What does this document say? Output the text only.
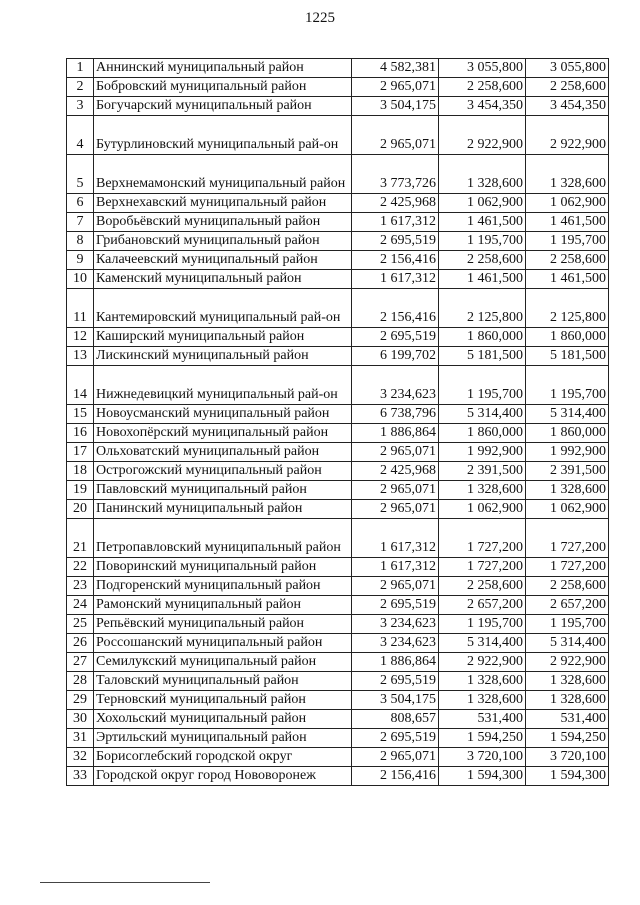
1225
1	Аннинский муниципальный район	4 582,381	3 055,800	3 055,800
2	Бобровский муниципальный район	2 965,071	2 258,600	2 258,600
3	Богучарский муниципальный район	3 504,175	3 454,350	3 454,350
4	Бутурлиновский муниципальный рай-он	2 965,071	2 922,900	2 922,900
5	Верхнемамонский муниципальный район	3 773,726	1 328,600	1 328,600
6	Верхнехавский муниципальный район	2 425,968	1 062,900	1 062,900
7	Воробьёвский муниципальный район	1 617,312	1 461,500	1 461,500
8	Грибановский муниципальный район	2 695,519	1 195,700	1 195,700
9	Калачеевский муниципальный район	2 156,416	2 258,600	2 258,600
10	Каменский муниципальный район	1 617,312	1 461,500	1 461,500
11	Кантемировский муниципальный рай-он	2 156,416	2 125,800	2 125,800
12	Каширский муниципальный район	2 695,519	1 860,000	1 860,000
13	Лискинский муниципальный район	6 199,702	5 181,500	5 181,500
14	Нижнедевицкий муниципальный рай-он	3 234,623	1 195,700	1 195,700
15	Новоусманский муниципальный район	6 738,796	5 314,400	5 314,400
16	Новохопёрский муниципальный район	1 886,864	1 860,000	1 860,000
17	Ольховатский муниципальный район	2 965,071	1 992,900	1 992,900
18	Острогожский муниципальный район	2 425,968	2 391,500	2 391,500
19	Павловский муниципальный район	2 965,071	1 328,600	1 328,600
20	Панинский муниципальный район	2 965,071	1 062,900	1 062,900
21	Петропавловский муниципальный район	1 617,312	1 727,200	1 727,200
22	Поворинский муниципальный район	1 617,312	1 727,200	1 727,200
23	Подгоренский муниципальный район	2 965,071	2 258,600	2 258,600
24	Рамонский муниципальный район	2 695,519	2 657,200	2 657,200
25	Репьёвский муниципальный район	3 234,623	1 195,700	1 195,700
26	Россошанский муниципальный район	3 234,623	5 314,400	5 314,400
27	Семилукский муниципальный район	1 886,864	2 922,900	2 922,900
28	Таловский муниципальный район	2 695,519	1 328,600	1 328,600
29	Терновский муниципальный район	3 504,175	1 328,600	1 328,600
30	Хохольский муниципальный район	808,657	531,400	531,400
31	Эртильский муниципальный район	2 695,519	1 594,250	1 594,250
32	Борисоглебский городской округ	2 965,071	3 720,100	3 720,100
33	Городской округ город Нововоронеж	2 156,416	1 594,300	1 594,300
